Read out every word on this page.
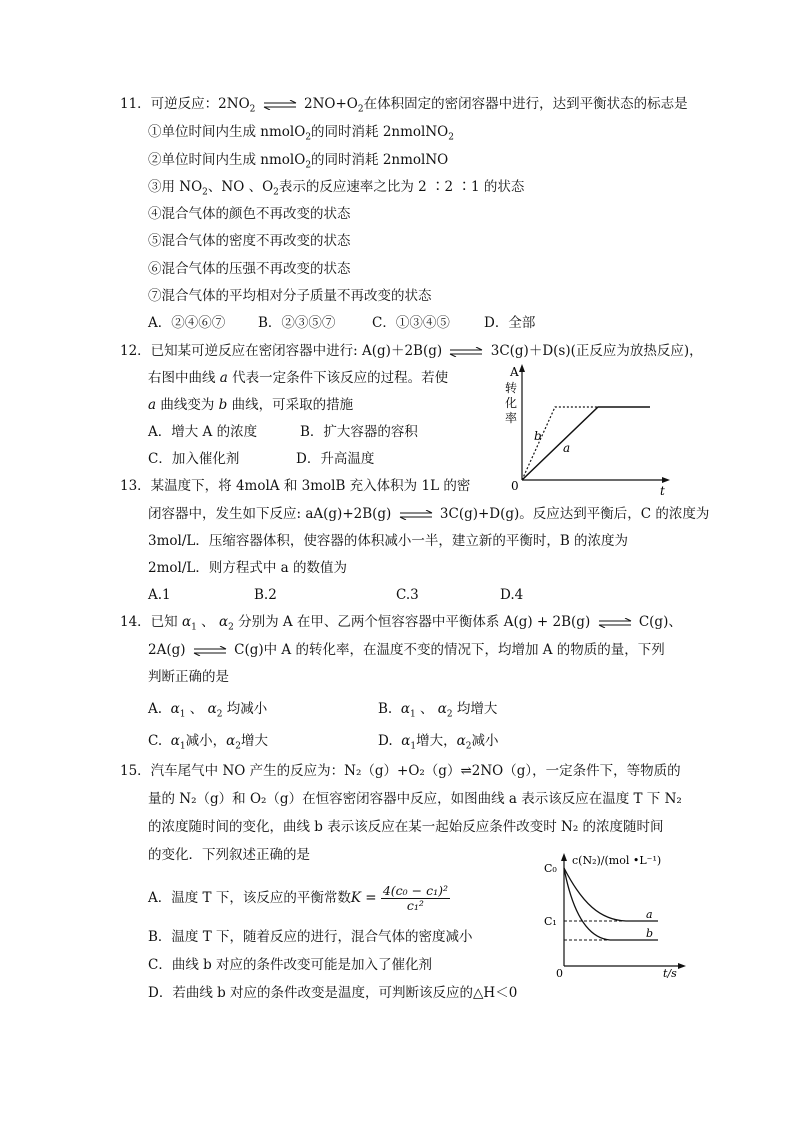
11．可逆反应：$2NO_2$ ⇌ $2NO+O_2$在体积固定的密闭容器中进行，达到平衡状态的标志是
①单位时间内生成 nmolO$_2$的同时消耗 2nmolNO$_2$
②单位时间内生成 nmolO$_2$的同时消耗 2nmolNO
③用 $NO_2$、NO 、$O_2$表示的反应速率之比为 2 ∶2 ∶1 的状态
④混合气体的颜色不再改变的状态
⑤混合气体的密度不再改变的状态
⑥混合气体的压强不再改变的状态
⑦混合气体的平均相对分子质量不再改变的状态
A．②④⑥⑦ B．②③⑤⑦	C．①③④⑤	D．全部
12．已知某可逆反应在密闭容器中进行: A(g)＋2B(g) ⇌ 3C(g)＋D(s)(正反应为放热反应)，
右图中曲线 a 代表一定条件下该反应的过程。若使
a 曲线变为 b 曲线，可采取的措施
A．增大 A 的浓度	B．扩大容器的容积
C．加入催化剂	D．升高温度
A
转
化
率
b
a
0	t
13．某温度下，将 4molA 和 3molB 充入体积为 1L 的密
闭容器中，发生如下反应: aA(g)+2B(g) ⇌ 3C(g)+D(g)。反应达到平衡后，C 的浓度为
3mol/L．压缩容器体积，使容器的体积减小一半，建立新的平衡时，B 的浓度为
2mol/L．则方程式中 a 的数值为
A.1	B.2	C.3	D.4
14．已知 $\alpha_1$ 、 $\alpha_2$ 分别为 A 在甲、乙两个恒容容器中平衡体系 A(g) + 2B(g) ⇌ C(g)、
2A(g) ⇌ C(g)中 A 的转化率，在温度不变的情况下，均增加 A 的物质的量，下列
判断正确的是
A. $\alpha_1$ 、 $\alpha_2$ 均减小	B. $\alpha_1$ 、 $\alpha_2$ 均增大
C. $\alpha_1$减小，$\alpha_2$增大	D. $\alpha_1$增大，$\alpha_2$减小
15．汽车尾气中 NO 产生的反应为：N₂（g）+O₂（g）⇌2NO（g），一定条件下，等物质的
量的 N₂（g）和 O₂（g）在恒容密闭容器中反应，如图曲线 a 表示该反应在温度 T 下 N₂
的浓度随时间的变化，曲线 b 表示该反应在某一起始反应条件改变时 N₂ 的浓度随时间
的变化．下列叙述正确的是
A．温度 T 下，该反应的平衡常数$K = \frac{\text{4(c₀ − c₁)²}}{\text{c₁²}}$
B．温度 T 下，随着反应的进行，混合气体的密度减小
C．曲线 b 对应的条件改变可能是加入了催化剂
D．若曲线 b 对应的条件改变是温度，可判断该反应的△H＜0
c(N₂)/(mol •L⁻¹)
C₀
C₁
0	t/s
a
b
